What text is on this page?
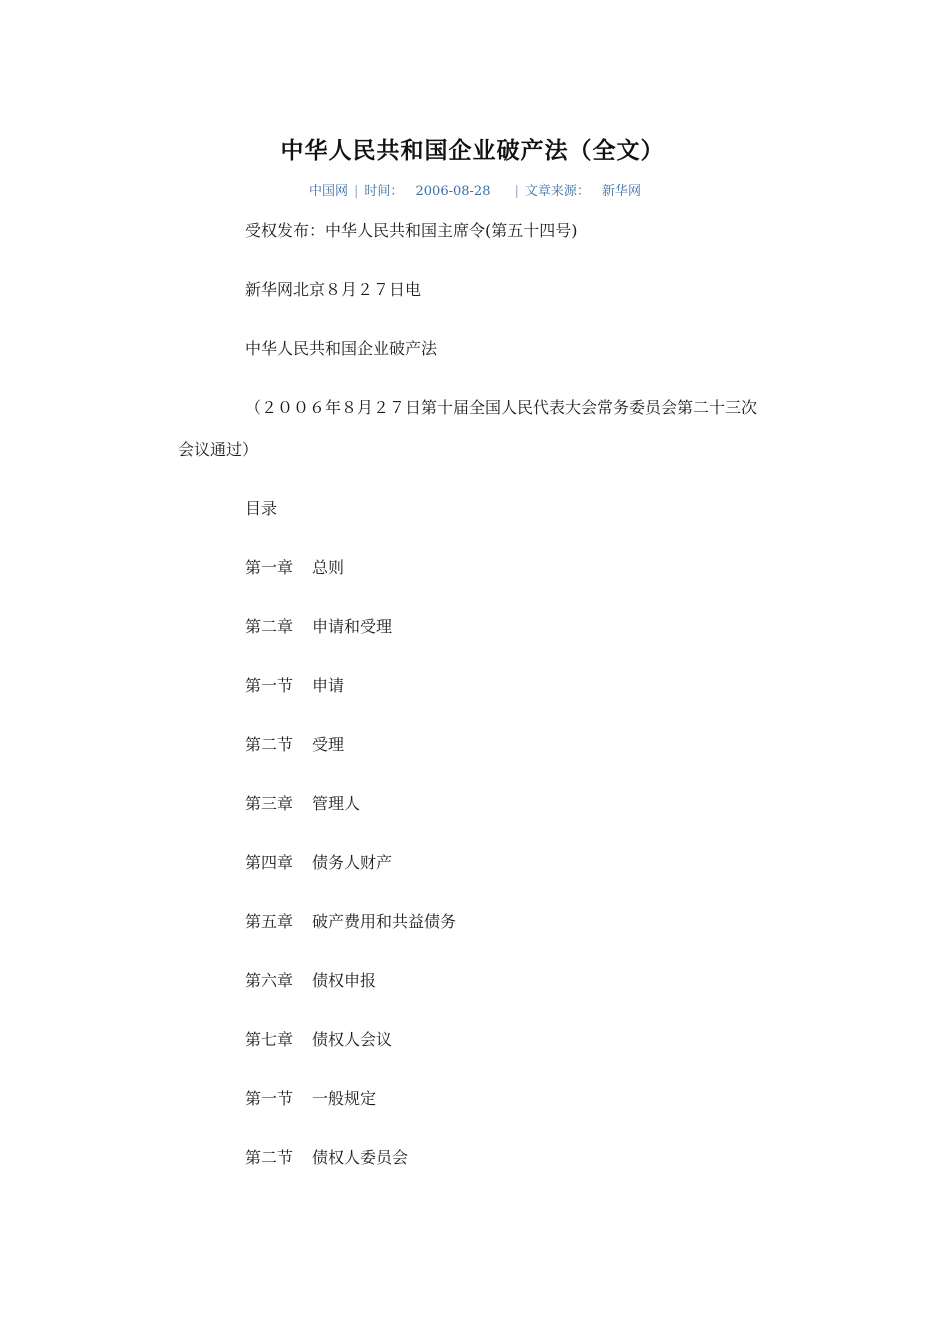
中华人民共和国企业破产法（全文）
中国网 | 时间： 2006-08-28 | 文章来源： 新华网
受权发布：中华人民共和国主席令(第五十四号)
新华网北京８月２７日电
中华人民共和国企业破产法
（２００６年８月２７日第十届全国人民代表大会常务委员会第二十三次
会议通过）
目录
第一章 总则
第二章 申请和受理
第一节 申请
第二节 受理
第三章 管理人
第四章 债务人财产
第五章 破产费用和共益债务
第六章 债权申报
第七章 债权人会议
第一节 一般规定
第二节 债权人委员会
